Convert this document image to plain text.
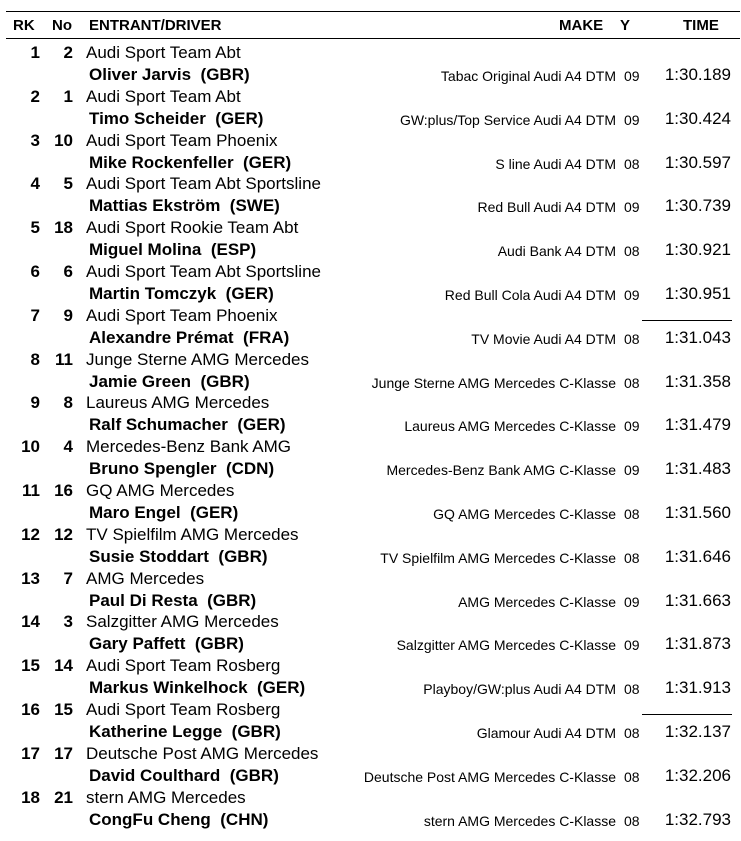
RK No ENTRANT/DRIVER	MAKE Y	TIME
1	2 Audi Sport Team Abt
Oliver Jarvis (GBR)	Tabac Original Audi A4 DTM 09 1:30.189
2	1 Audi Sport Team Abt
Timo Scheider (GER)	GW:plus/Top Service Audi A4 DTM 09 1:30.424
3 10 Audi Sport Team Phoenix
Mike Rockenfeller (GER)	S line Audi A4 DTM 08 1:30.597
4	5 Audi Sport Team Abt Sportsline
Mattias Ekström (SWE)	Red Bull Audi A4 DTM 09 1:30.739
5 18 Audi Sport Rookie Team Abt
Miguel Molina (ESP)	Audi Bank A4 DTM 08 1:30.921
6	6 Audi Sport Team Abt Sportsline
Martin Tomczyk (GER)	Red Bull Cola Audi A4 DTM 09 1:30.951
7	9 Audi Sport Team Phoenix
Alexandre Prémat (FRA)	TV Movie Audi A4 DTM 08 1:31.043
8 11 Junge Sterne AMG Mercedes
Jamie Green (GBR)	Junge Sterne AMG Mercedes C-Klasse 08 1:31.358
9	8 Laureus AMG Mercedes
Ralf Schumacher (GER)	Laureus AMG Mercedes C-Klasse 09 1:31.479
10	4 Mercedes-Benz Bank AMG
Bruno Spengler (CDN)	Mercedes-Benz Bank AMG C-Klasse 09 1:31.483
11 16 GQ AMG Mercedes
Maro Engel (GER)	GQ AMG Mercedes C-Klasse 08 1:31.560
12 12 TV Spielfilm AMG Mercedes
Susie Stoddart (GBR)	TV Spielfilm AMG Mercedes C-Klasse 08 1:31.646
13	7 AMG Mercedes
Paul Di Resta (GBR)	AMG Mercedes C-Klasse 09 1:31.663
14	3 Salzgitter AMG Mercedes
Gary Paffett (GBR)	Salzgitter AMG Mercedes C-Klasse 09 1:31.873
15 14 Audi Sport Team Rosberg
Markus Winkelhock (GER)	Playboy/GW:plus Audi A4 DTM 08 1:31.913
16 15 Audi Sport Team Rosberg
Katherine Legge (GBR)	Glamour Audi A4 DTM 08 1:32.137
17 17 Deutsche Post AMG Mercedes
David Coulthard (GBR)	Deutsche Post AMG Mercedes C-Klasse 08 1:32.206
18 21 stern AMG Mercedes
CongFu Cheng (CHN)	stern AMG Mercedes C-Klasse 08 1:32.793
